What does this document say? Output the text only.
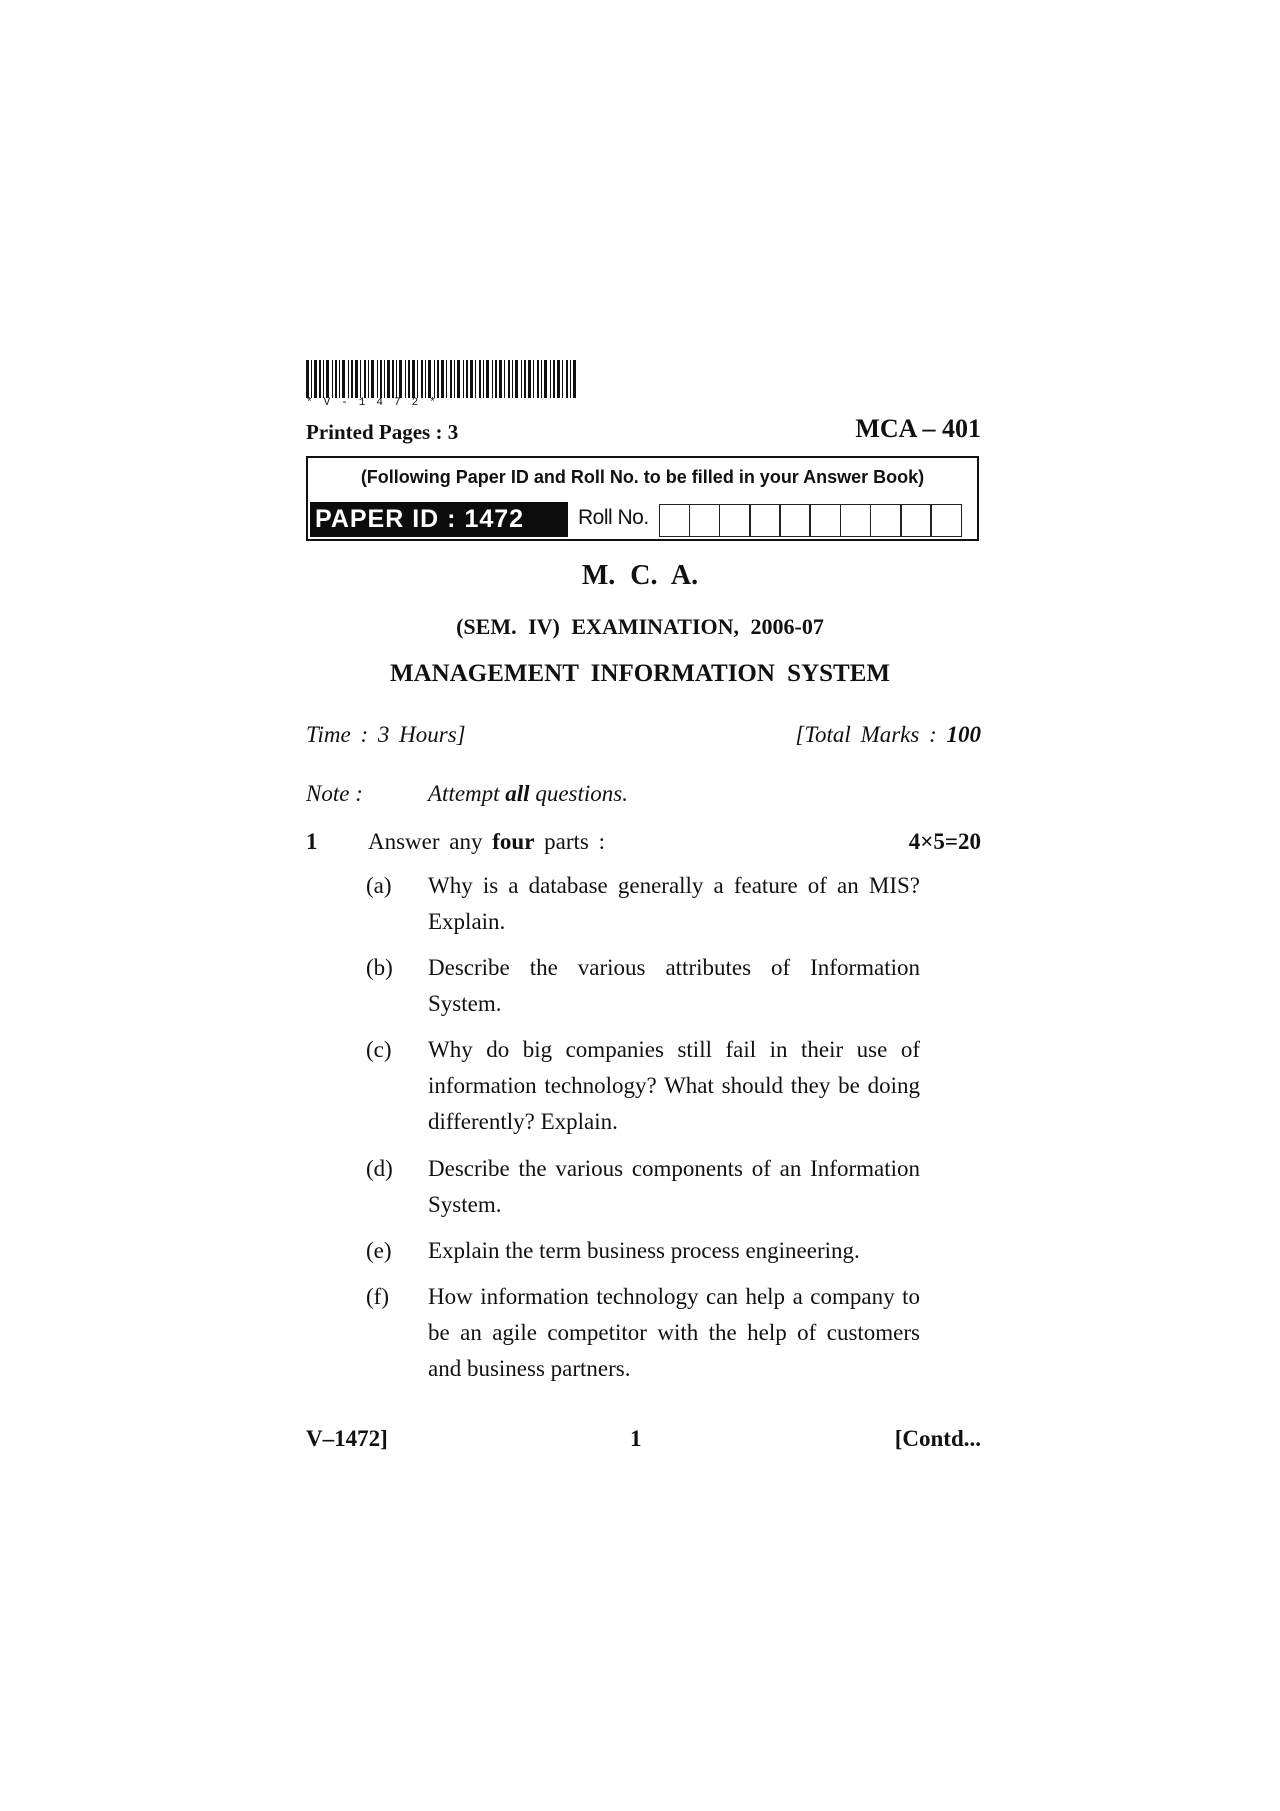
*V-1472*
Printed Pages : 3	MCA – 401
(Following Paper ID and Roll No. to be filled in your Answer Book)
PAPER ID : 1472	Roll No.
M. C. A.
(SEM. IV) EXAMINATION, 2006-07
MANAGEMENT INFORMATION SYSTEM
Time : 3 Hours]	[Total Marks : 100
Note :	Attempt all questions.
1 Answer any four parts :	4×5=20
(a) Why is a database generally a feature of an MIS? Explain.
(b) Describe the various attributes of Information System.
(c) Why do big companies still fail in their use of information technology? What should they be doing differently? Explain.
(d) Describe the various components of an Information System.
(e) Explain the term business process engineering.
(f) How information technology can help a company to be an agile competitor with the help of customers and business partners.
V–1472]	1	[Contd...
